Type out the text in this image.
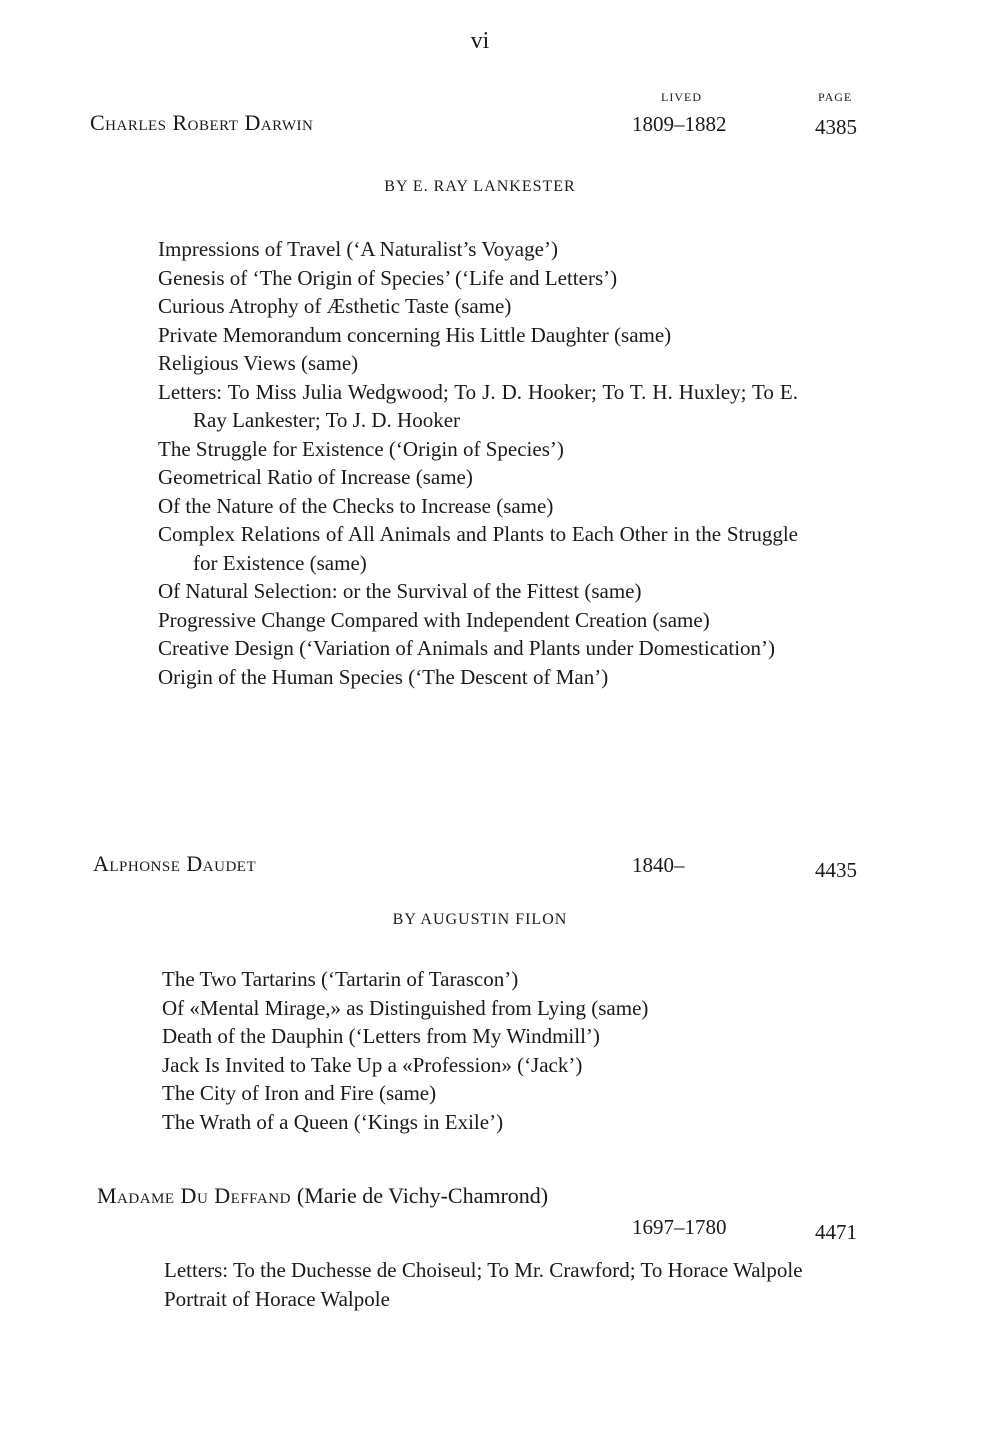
vi
LIVED	PAGE
Charles Robert Darwin	1809–1882	4385
BY E. RAY LANKESTER
Impressions of Travel (‘A Naturalist’s Voyage’)
Genesis of ‘The Origin of Species’ (‘Life and Letters’)
Curious Atrophy of Æsthetic Taste (same)
Private Memorandum concerning His Little Daughter (same)
Religious Views (same)
Letters: To Miss Julia Wedgwood; To J. D. Hooker; To T. H. Huxley; To E. Ray Lankester; To J. D. Hooker
The Struggle for Existence (‘Origin of Species’)
Geometrical Ratio of Increase (same)
Of the Nature of the Checks to Increase (same)
Complex Relations of All Animals and Plants to Each Other in the Struggle for Existence (same)
Of Natural Selection: or the Survival of the Fittest (same)
Progressive Change Compared with Independent Creation (same)
Creative Design (‘Variation of Animals and Plants under Domestication’)
Origin of the Human Species (‘The Descent of Man’)
Alphonse Daudet	1840–	4435
BY AUGUSTIN FILON
The Two Tartarins (‘Tartarin of Tarascon’)
Of «Mental Mirage,» as Distinguished from Lying (same)
Death of the Dauphin (‘Letters from My Windmill’)
Jack Is Invited to Take Up a «Profession» (‘Jack’)
The City of Iron and Fire (same)
The Wrath of a Queen (‘Kings in Exile’)
Madame Du Deffand (Marie de Vichy-Chamrond)
1697–1780	4471
Letters: To the Duchesse de Choiseul; To Mr. Crawford; To Horace Walpole
Portrait of Horace Walpole
